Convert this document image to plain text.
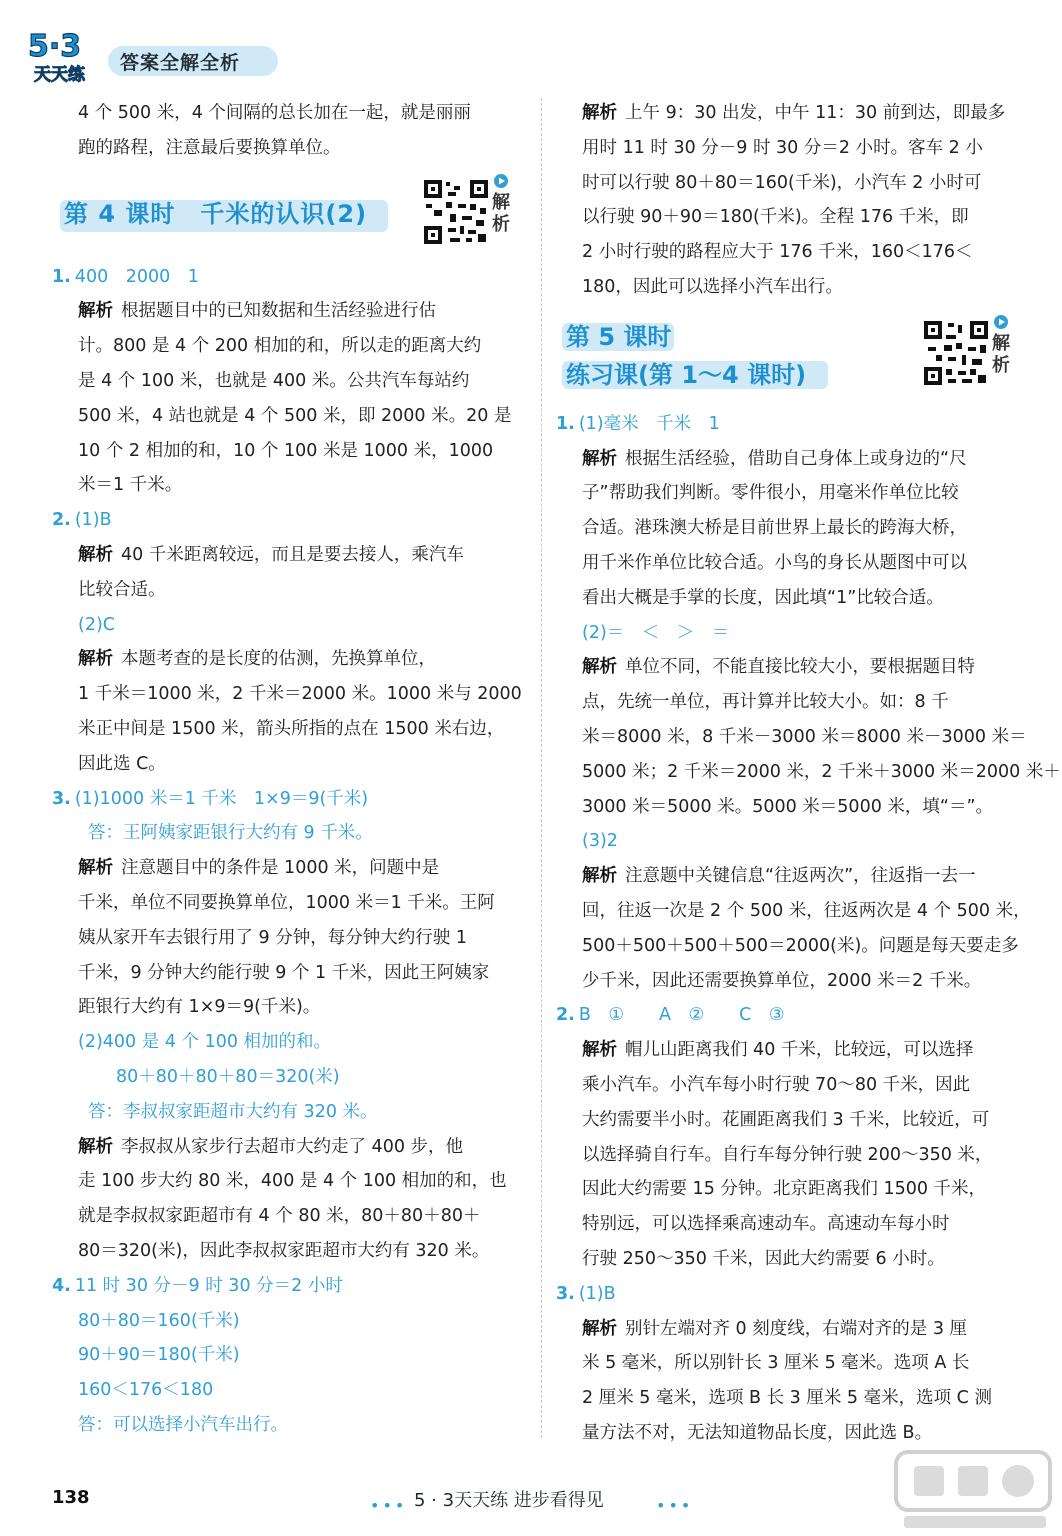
5·3
天天练
答案全解全析
4 个 500 米，4 个间隔的总长加在一起，就是丽丽
跑的路程，注意最后要换算单位。
第 4 课时　千米的认识(2)	解析
1. 400　2000　1
解析 根据题目中的已知数据和生活经验进行估
计。800 是 4 个 200 相加的和，所以走的距离大约
是 4 个 100 米，也就是 400 米。公共汽车每站约
500 米，4 站也就是 4 个 500 米，即 2000 米。20 是
10 个 2 相加的和，10 个 100 米是 1000 米，1000
米＝1 千米。
2. (1)B
解析 40 千米距离较远，而且是要去接人，乘汽车
比较合适。
(2)C
解析 本题考查的是长度的估测，先换算单位，
1 千米＝1000 米，2 千米＝2000 米。1000 米与 2000
米正中间是 1500 米，箭头所指的点在 1500 米右边，
因此选 C。
3. (1)1000 米＝1 千米　1×9＝9(千米)
答：王阿姨家距银行大约有 9 千米。
解析 注意题目中的条件是 1000 米，问题中是
千米，单位不同要换算单位，1000 米＝1 千米。王阿
姨从家开车去银行用了 9 分钟，每分钟大约行驶 1
千米，9 分钟大约能行驶 9 个 1 千米，因此王阿姨家
距银行大约有 1×9＝9(千米)。
(2)400 是 4 个 100 相加的和。
80＋80＋80＋80＝320(米)
答：李叔叔家距超市大约有 320 米。
解析 李叔叔从家步行去超市大约走了 400 步，他
走 100 步大约 80 米，400 是 4 个 100 相加的和，也
就是李叔叔家距超市有 4 个 80 米，80＋80＋80＋
80＝320(米)，因此李叔叔家距超市大约有 320 米。
4. 11 时 30 分－9 时 30 分＝2 小时
80＋80＝160(千米)
90＋90＝180(千米)
160＜176＜180
答：可以选择小汽车出行。
解析 上午 9：30 出发，中午 11：30 前到达，即最多
用时 11 时 30 分－9 时 30 分＝2 小时。客车 2 小
时可以行驶 80＋80＝160(千米)，小汽车 2 小时可
以行驶 90＋90＝180(千米)。全程 176 千米，即
2 小时行驶的路程应大于 176 千米，160＜176＜
180，因此可以选择小汽车出行。
第 5 课时
练习课(第 1～4 课时)
解析
1. (1)毫米　千米　1
解析 根据生活经验，借助自己身体上或身边的“尺
子”帮助我们判断。零件很小，用毫米作单位比较
合适。港珠澳大桥是目前世界上最长的跨海大桥，
用千米作单位比较合适。小鸟的身长从题图中可以
看出大概是手掌的长度，因此填“1”比较合适。
(2)＝　＜　＞　＝
解析 单位不同，不能直接比较大小，要根据题目特
点，先统一单位，再计算并比较大小。如：8 千
米＝8000 米，8 千米－3000 米＝8000 米－3000 米＝
5000 米；2 千米＝2000 米，2 千米＋3000 米＝2000 米＋
3000 米＝5000 米。5000 米＝5000 米，填“＝”。
(3)2
解析 注意题中关键信息“往返两次”，往返指一去一
回，往返一次是 2 个 500 米，往返两次是 4 个 500 米，
500＋500＋500＋500＝2000(米)。问题是每天要走多
少千米，因此还需要换算单位，2000 米＝2 千米。
2. B　①　　A　②　　C　③
解析 帽儿山距离我们 40 千米，比较远，可以选择
乘小汽车。小汽车每小时行驶 70～80 千米，因此
大约需要半小时。花圃距离我们 3 千米，比较近，可
以选择骑自行车。自行车每分钟行驶 200～350 米，
因此大约需要 15 分钟。北京距离我们 1500 千米，
特别远，可以选择乘高速动车。高速动车每小时
行驶 250～350 千米，因此大约需要 6 小时。
3. (1)B
解析 别针左端对齐 0 刻度线，右端对齐的是 3 厘
米 5 毫米，所以别针长 3 厘米 5 毫米。选项 A 长
2 厘米 5 毫米，选项 B 长 3 厘米 5 毫米，选项 C 测
量方法不对，无法知道物品长度，因此选 B。
138	••• 5 · 3天天练 进步看得见	•••
